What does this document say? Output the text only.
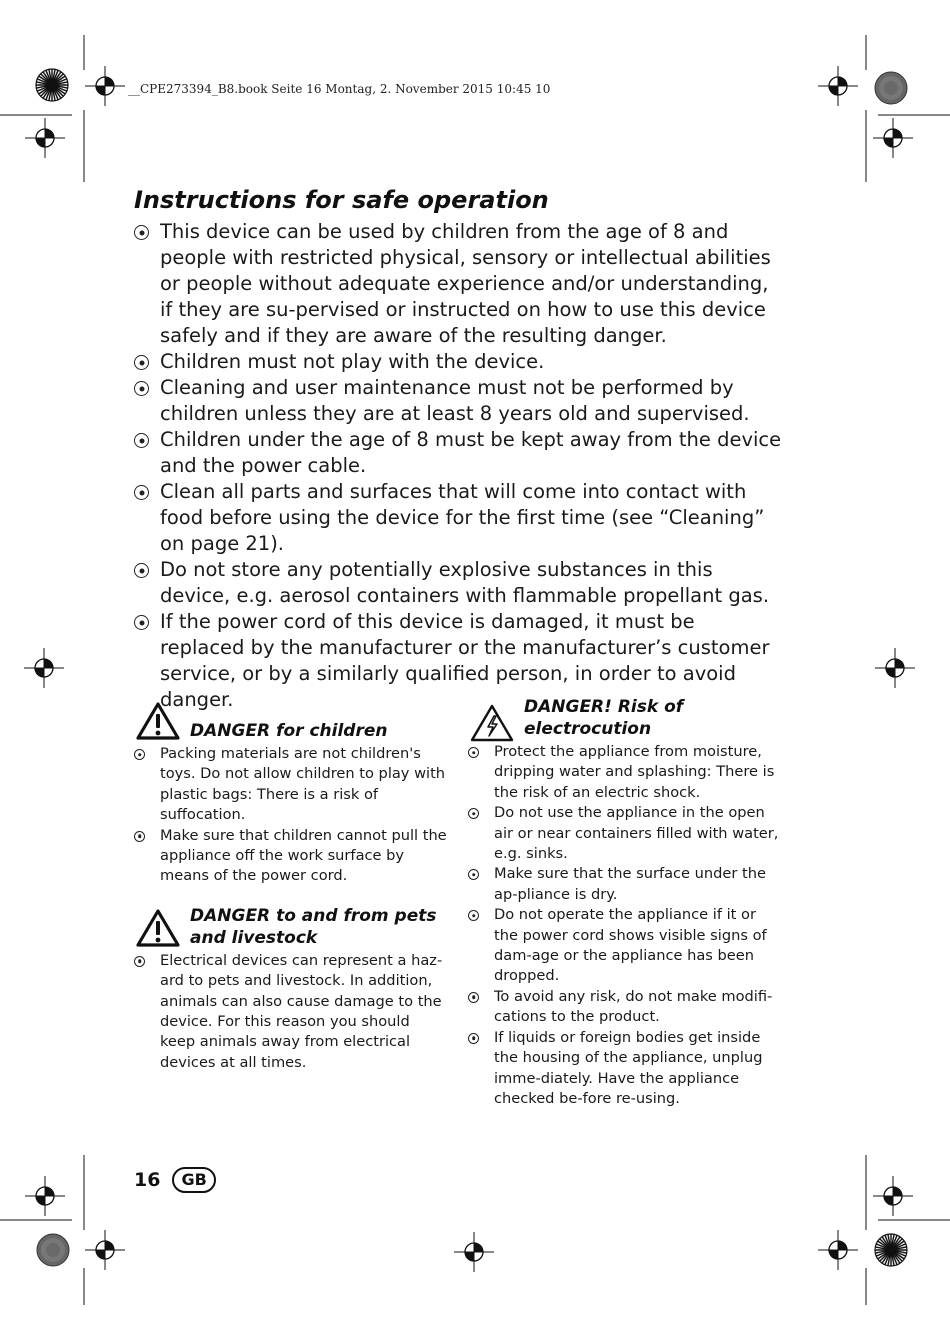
__CPE273394_B8.book Seite 16 Montag, 2. November 2015 10:45 10
Instructions for safe operation
This device can be used by children from the age of 8 and people with restricted physical, sensory or intellectual abilities or people without adequate experience and/or understanding, if they are su-pervised or instructed on how to use this device safely and if they are aware of the resulting danger.
Children must not play with the device.
Cleaning and user maintenance must not be performed by children unless they are at least 8 years old and supervised.
Children under the age of 8 must be kept away from the device and the power cable.
Clean all parts and surfaces that will come into contact with food before using the device for the first time (see “Cleaning” on page 21).
Do not store any potentially explosive substances in this device, e.g. aerosol containers with flammable propellant gas.
If the power cord of this device is damaged, it must be replaced by the manufacturer or the manufacturer’s customer service, or by a similarly qualified person, in order to avoid danger.
DANGER for children
Packing materials are not children's toys. Do not allow children to play with plastic bags: There is a risk of suffocation.
Make sure that children cannot pull the appliance off the work surface by means of the power cord.
DANGER to and from pets and livestock
Electrical devices can represent a haz-ard to pets and livestock. In addition, animals can also cause damage to the device. For this reason you should keep animals away from electrical devices at all times.
DANGER! Risk of electrocution
Protect the appliance from moisture, dripping water and splashing: There is the risk of an electric shock.
Do not use the appliance in the open air or near containers filled with water, e.g. sinks.
Make sure that the surface under the ap-pliance is dry.
Do not operate the appliance if it or the power cord shows visible signs of dam-age or the appliance has been dropped.
To avoid any risk, do not make modifi-cations to the product.
If liquids or foreign bodies get inside the housing of the appliance, unplug imme-diately. Have the appliance checked be-fore re-using.
16	GB
